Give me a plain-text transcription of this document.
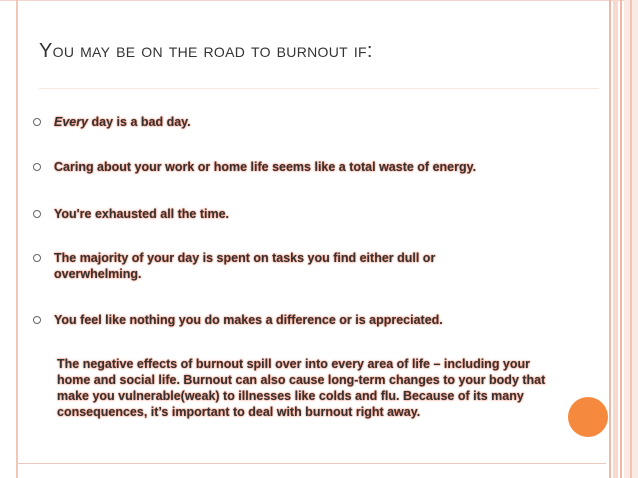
You may be on the road to burnout if:
Every day is a bad day.
Caring about your work or home life seems like a total waste of energy.
You're exhausted all the time.
The majority of your day is spent on tasks you find either dull or overwhelming.
You feel like nothing you do makes a difference or is appreciated.
The negative effects of burnout spill over into every area of life – including your home and social life. Burnout can also cause long-term changes to your body that make you vulnerable(weak) to illnesses like colds and flu. Because of its many consequences, it’s important to deal with burnout right away.
